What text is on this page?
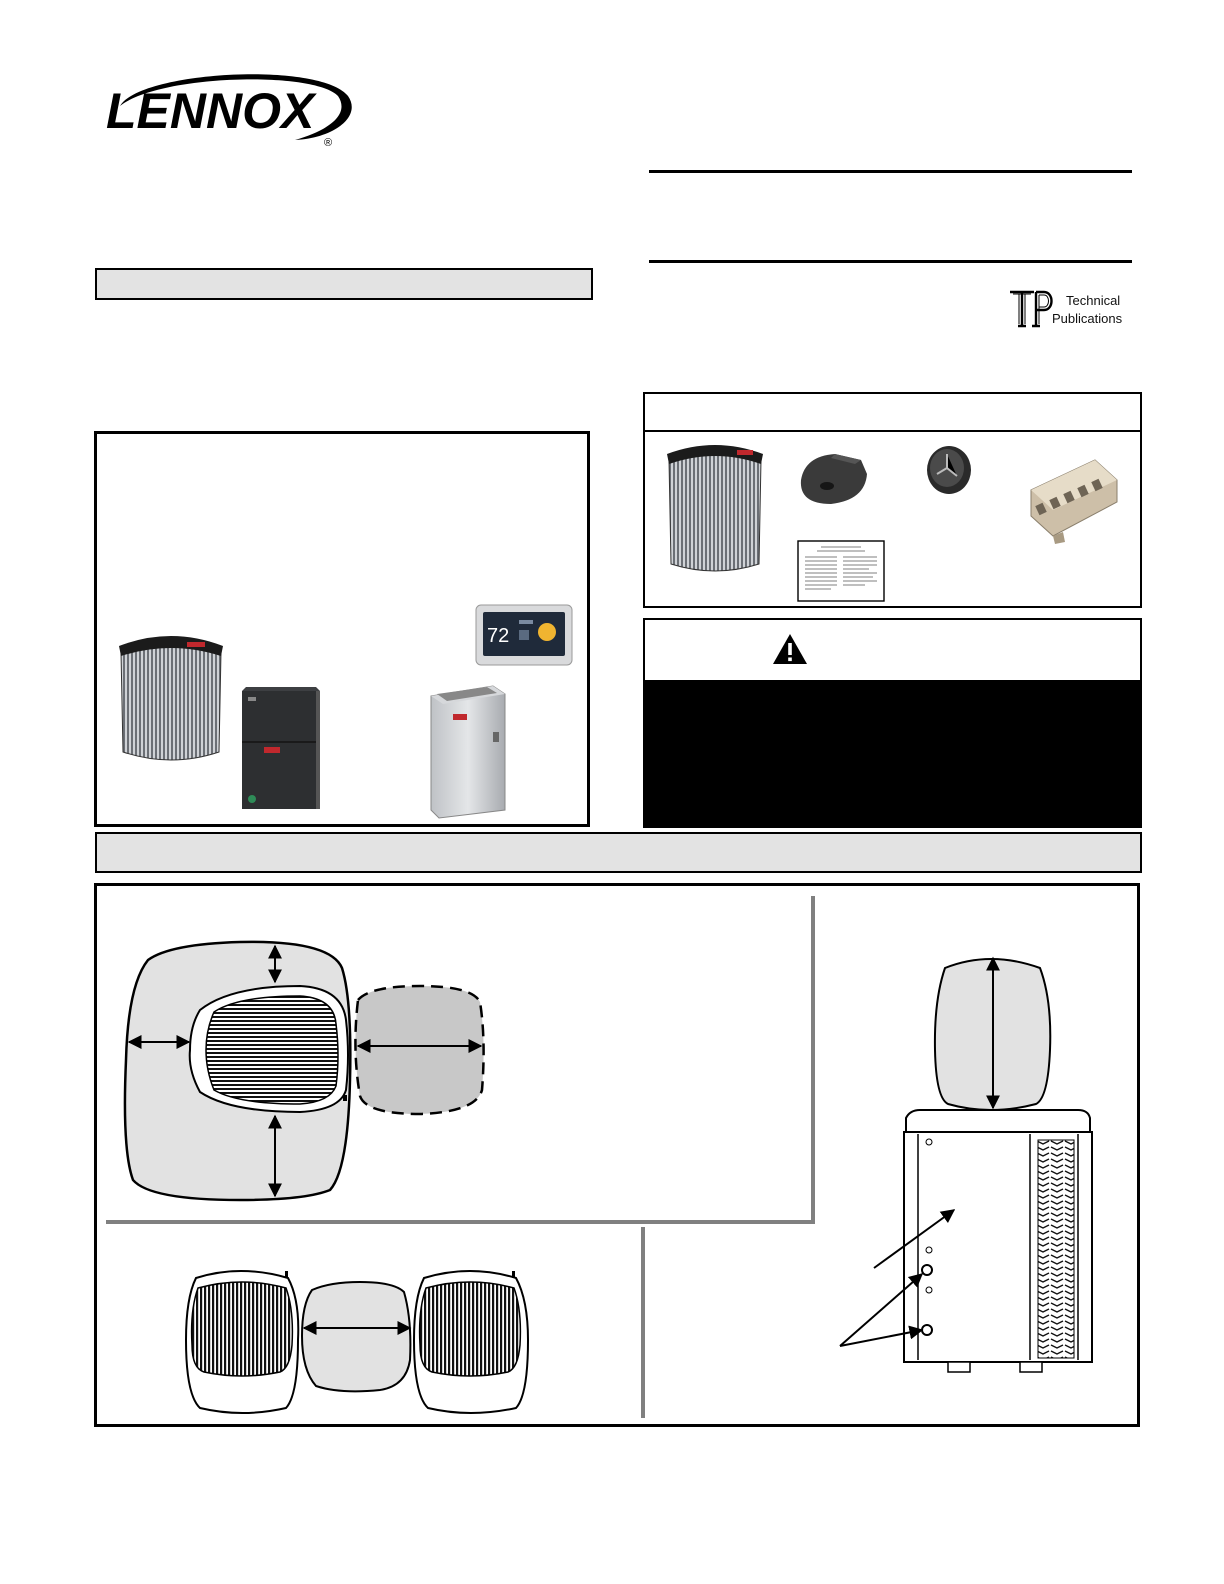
LENNOX
®
Technical
Publications
72
